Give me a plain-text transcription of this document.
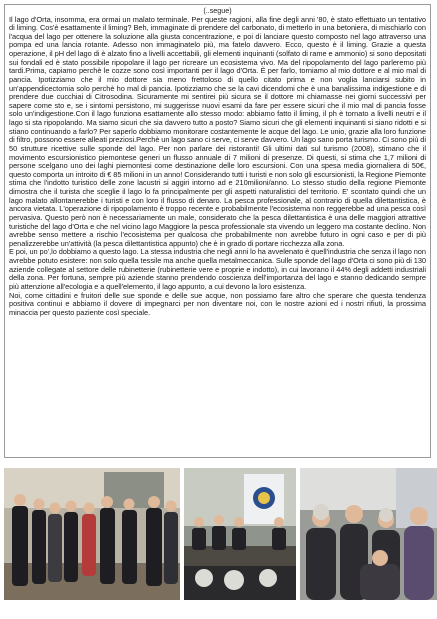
(..segue)

Il lago d'Orta, insomma, era ormai un malato terminale. Per queste ragioni, alla fine degli anni '80, è stato effettuato un tentativo di liming. Cos'è esattamente il liming? Beh, immaginate di prendere del carbonato, di metterlo in una betoniera, di mischiarlo con l'acqua del lago per ottenere la soluzione alla giusta concentrazione, e poi di lanciare questo composto nel lago attraverso una pompa ed una lancia rotante. Adesso non immaginatelo più, ma fatelo davvero. Ecco, questo è il liming. Grazie a questa operazione, il pH del lago di è alzato fino a livelli accettabili, gli elementi inquinanti (solfato di rame e ammonio) si sono depositati sui fondali ed è stato possibile ripopolare il lago per ricreare un ecosistema vivo. Ma del ripopolamento del lago parleremo più tardi.Prima, capiamo perchè le cozze sono così importanti per il lago d'Orta. È per farlo, torniamo al mio dottore e al mio mal di pancia. Ipotizziamo che il mio dottore sia meno frettoloso di quello citato prima e non voglia lanciarsi subito in un'appendicectomia solo perchè ho mal di pancia. Ipotizziamo che se la cavi dicendomi che è una banalissima indigestione e di prendere due cucchiai di Citrosodina. Sicuramente mi sentirei più sicura se il dottore mi chiamasse nei giorni successivi per sapere come sto e, se i sintomi persistono, mi suggerisse nuovi esami da fare per essere sicuri che il mio mal di pancia fosse solo un'indigestione.Con il lago funziona esattamente allo stesso modo: abbiamo fatto il liming, il ph è tornato a livelli neutri e il lago si sta ripopolando. Ma siamo sicuri che sia davvero tutto a posto? Siamo sicuri che gli elementi inquinanti si siano ridotti e si stiano continuando a farlo? Per saperlo dobbiamo monitorare costantemente le acque del lago. Le unio, grazie alla loro funzione di filtro, possono essere alleati preziosi.Perchè un lago sano ci serve, ci serve davvero. Un lago sano porta turismo. Ci sono più di 50 strutture ricettive sulle sponde del lago. Per non parlare dei ristoranti! Gli ultimi dati sul turismo (2008), stimano che il movimento escursionistico piemontese generi un flusso annuale di 7 milioni di presenze. Di questi, si stima che 1,7 milioni di persone scelgano uno dei laghi piemontesi come destinazione delle loro escursioni. Con una spesa media giornaliera di 50€, questo comporta un introito di € 85 milioni in un anno! Considerando tutti i turisti e non solo gli escursionisti, la Regione Piemonte stima che l'indotto turistico delle zone lacustri si aggiri intorno ad e 210milioni/anno. Lo stesso studio della regione Piemonte dimostra che il turista che sceglie il lago lo fa principalmente per gli aspetti naturalistici del territorio. E' scontato quindi che un lago malato allontanerebbe i turisti e con loro il flusso di denaro. La pesca professionale, al contrario di quella dilettantistica, è ancora vietata. L'operazione di ripopolamento è troppo recente e probabilmente l'ecosistema non reggerebbe ad una pesca così pervasiva. Questo però non è necessariamente un male, considerato che la pesca dilettantistica è una delle maggiori attrattive turistiche del lago d'Orta e che nel vicino lago Maggiore la pesca professionale sta vivendo un leggero ma costante declino. Non avrebbe senso mettere a rischio l'ecosistema per qualcosa che probabilmente non avrebbe futuro in ogni caso e per di più penalizzerebbe un'attività (la pesca dilettantistica appunto) che è in grado di portare ricchezza alla zona.
E poi, un po',lo dobbiamo a questo lago. La stessa industria che negli anni lo ha avvelenato è quell'industria che senza il lago non avrebbe potuto esistere: non solo quella tessile ma anche quella metalmeccanica. Sulle sponde del lago d'Orta ci sono più di 130 aziende collegate al settore delle rubinetterie (rubinetterie vere e proprie e indotto), in cui lavorano il 44% degli addetti industriali della zona. Per fortuna, sempre più aziende stanno prendendo coscienza dell'importanza del lago e stanno dedicando sempre più attenzione all'ecologia e a quell'elemento, il lago appunto, a cui devono la loro esistenza.
Noi, come cittadini e fruitori delle sue sponde e delle sue acque, non possiamo fare altro che sperare che questa tendenza positiva continui e abbiamo il dovere di impegnarci per non diventare noi, con le nostre azioni ed i nostri rifiuti, la prossima minaccia per questo paziente così speciale.
